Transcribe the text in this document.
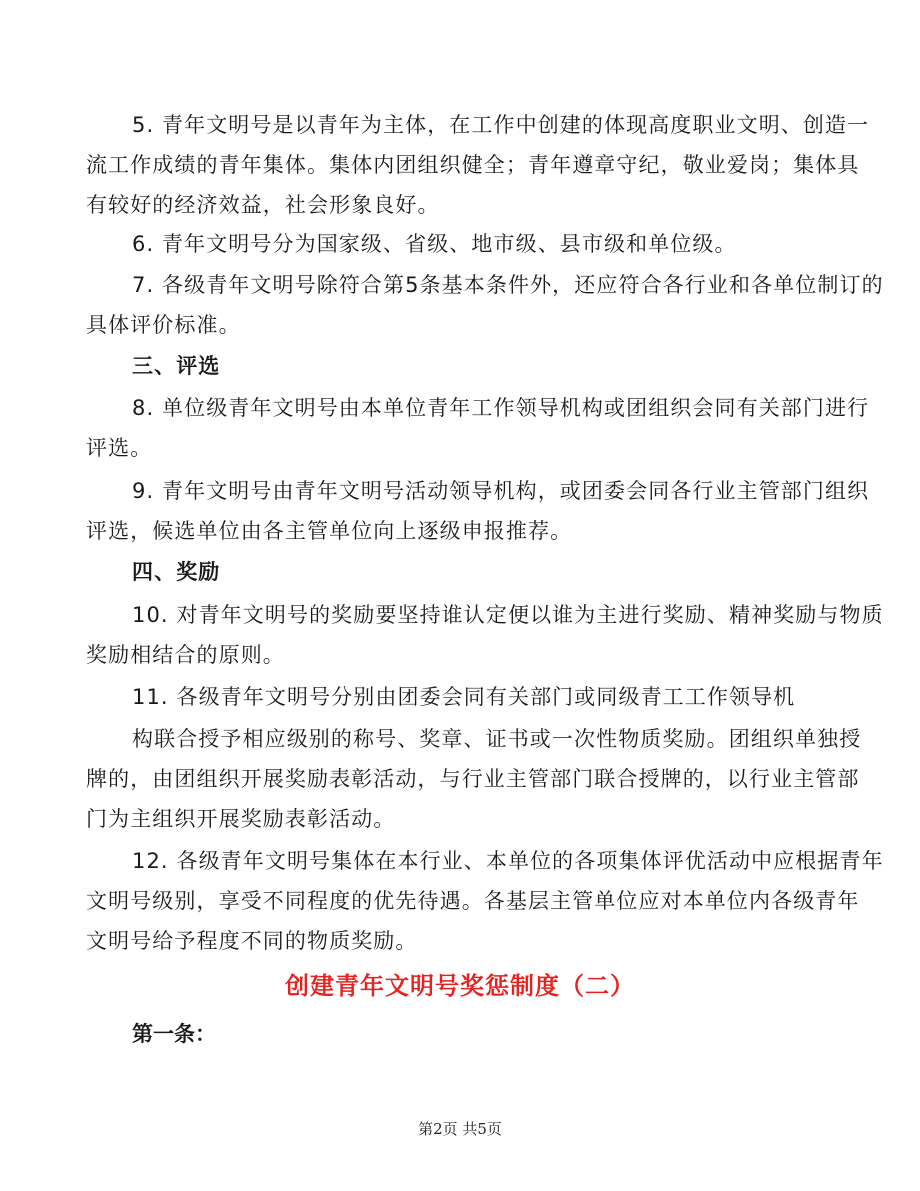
5. 青年文明号是以青年为主体，在工作中创建的体现高度职业文明、创造一
流工作成绩的青年集体。集体内团组织健全；青年遵章守纪，敬业爱岗；集体具
有较好的经济效益，社会形象良好。
6. 青年文明号分为国家级、省级、地市级、县市级和单位级。
7. 各级青年文明号除符合第5条基本条件外，还应符合各行业和各单位制订的
具体评价标准。
三、评选
8. 单位级青年文明号由本单位青年工作领导机构或团组织会同有关部门进行
评选。
9. 青年文明号由青年文明号活动领导机构，或团委会同各行业主管部门组织
评选，候选单位由各主管单位向上逐级申报推荐。
四、奖励
10. 对青年文明号的奖励要坚持谁认定便以谁为主进行奖励、精神奖励与物质
奖励相结合的原则。
11. 各级青年文明号分别由团委会同有关部门或同级青工工作领导机
构联合授予相应级别的称号、奖章、证书或一次性物质奖励。团组织单独授
牌的，由团组织开展奖励表彰活动，与行业主管部门联合授牌的，以行业主管部
门为主组织开展奖励表彰活动。
12. 各级青年文明号集体在本行业、本单位的各项集体评优活动中应根据青年
文明号级别，享受不同程度的优先待遇。各基层主管单位应对本单位内各级青年
文明号给予程度不同的物质奖励。
创建青年文明号奖惩制度（二）
第一条：
第2页 共5页
